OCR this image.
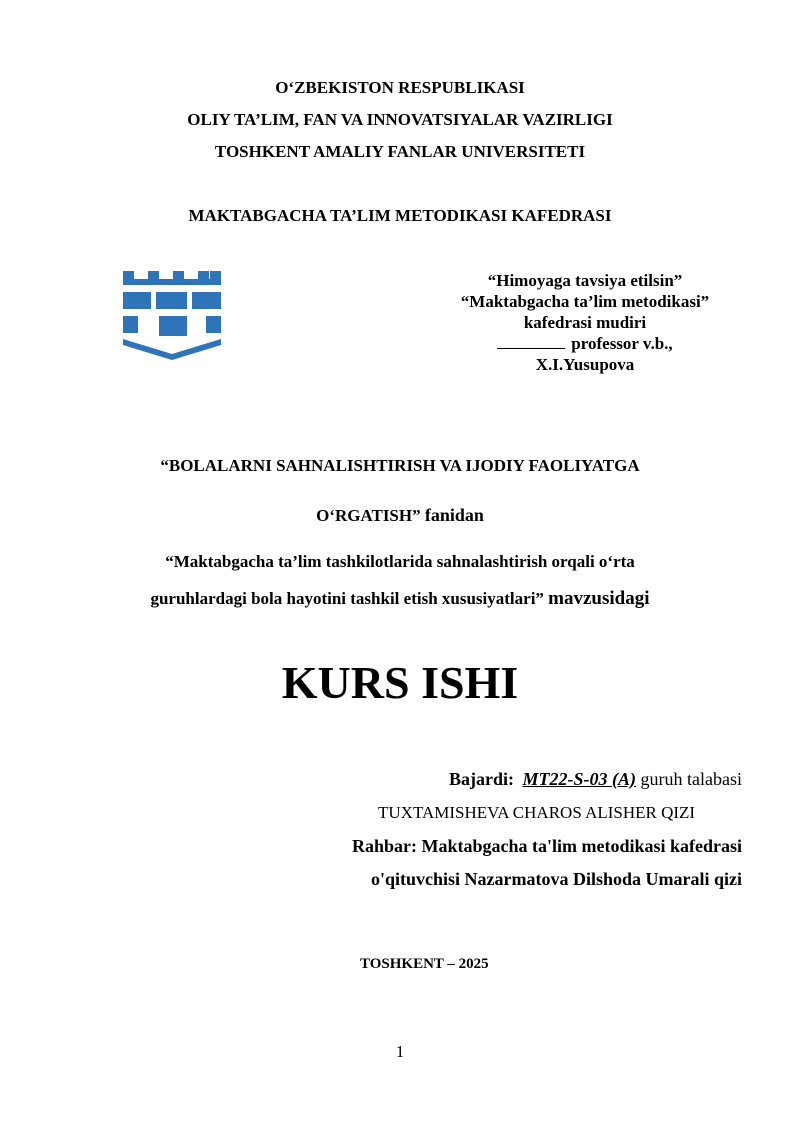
O‘ZBEKISTON RESPUBLIKASI
OLIY TA’LIM, FAN VA INNOVATSIYALAR VAZIRLIGI
TOSHKENT AMALIY FANLAR UNIVERSITETI
MAKTABGACHA TA’LIM METODIKASI KAFEDRASI
“Himoyaga tavsiya etilsin”
“Maktabgacha ta’lim metodikasi”
kafedrasi mudiri
professor v.b.,
X.I.Yusupova
“BOLALARNI SAHNALISHTIRISH VA IJODIY FAOLIYATGA
O‘RGATISH” fanidan
“Maktabgacha ta’lim tashkilotlarida sahnalashtirish orqali o‘rta
guruhlardagi bola hayotini tashkil etish xususiyatlari” mavzusidagi
KURS ISHI
Bajardi: MT22-S-03 (A) guruh talabasi
TUXTAMISHEVA CHAROS ALISHER QIZI
Rahbar: Maktabgacha ta'lim metodikasi kafedrasi
o'qituvchisi Nazarmatova Dilshoda Umarali qizi
TOSHKENT – 2025
1
